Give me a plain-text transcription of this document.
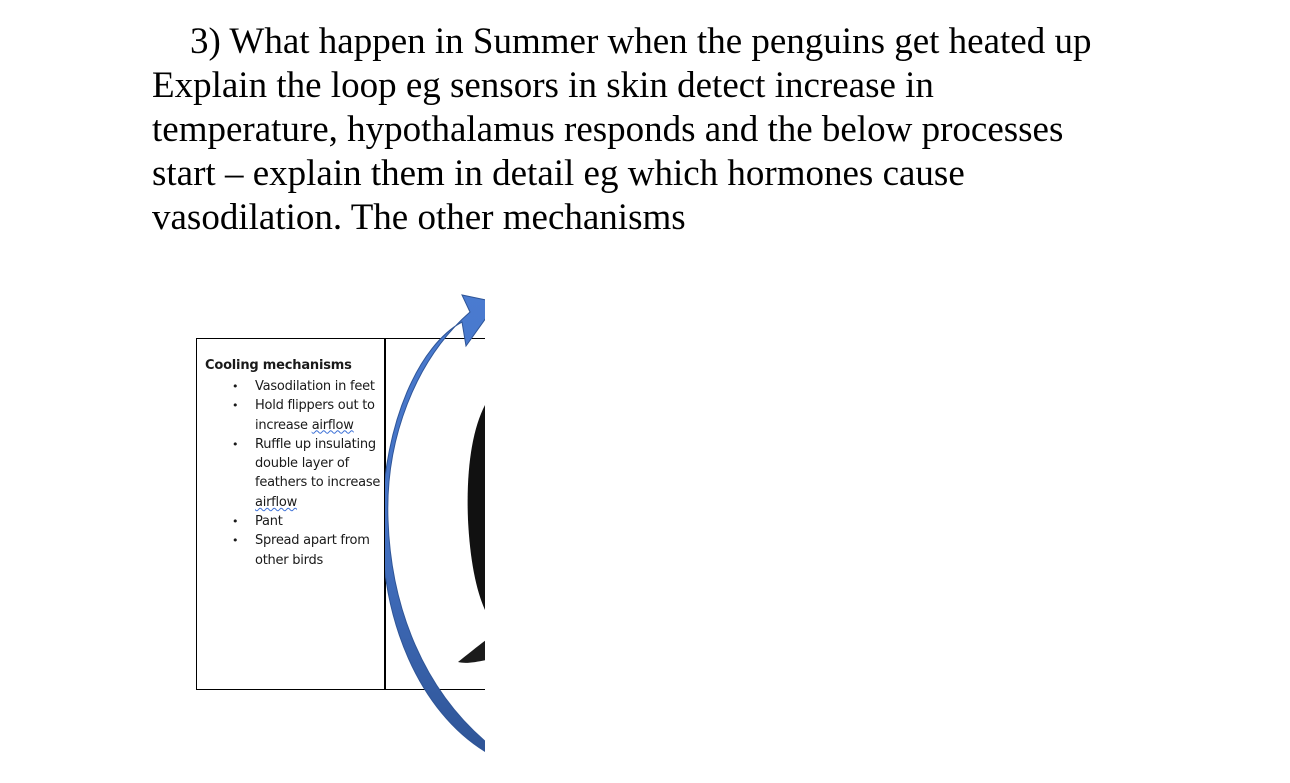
3) What happen in Summer when the penguins get heated up
Explain the loop eg sensors in skin detect increase in
temperature, hypothalamus responds and the below processes
start – explain them in detail eg which hormones cause
vasodilation. The other mechanisms
Cooling mechanisms
• Vasodilation in feet
• Hold flippers out to increase airflow
• Ruffle up insulating double layer of feathers to increase airflow
• Pant
• Spread apart from other birds
